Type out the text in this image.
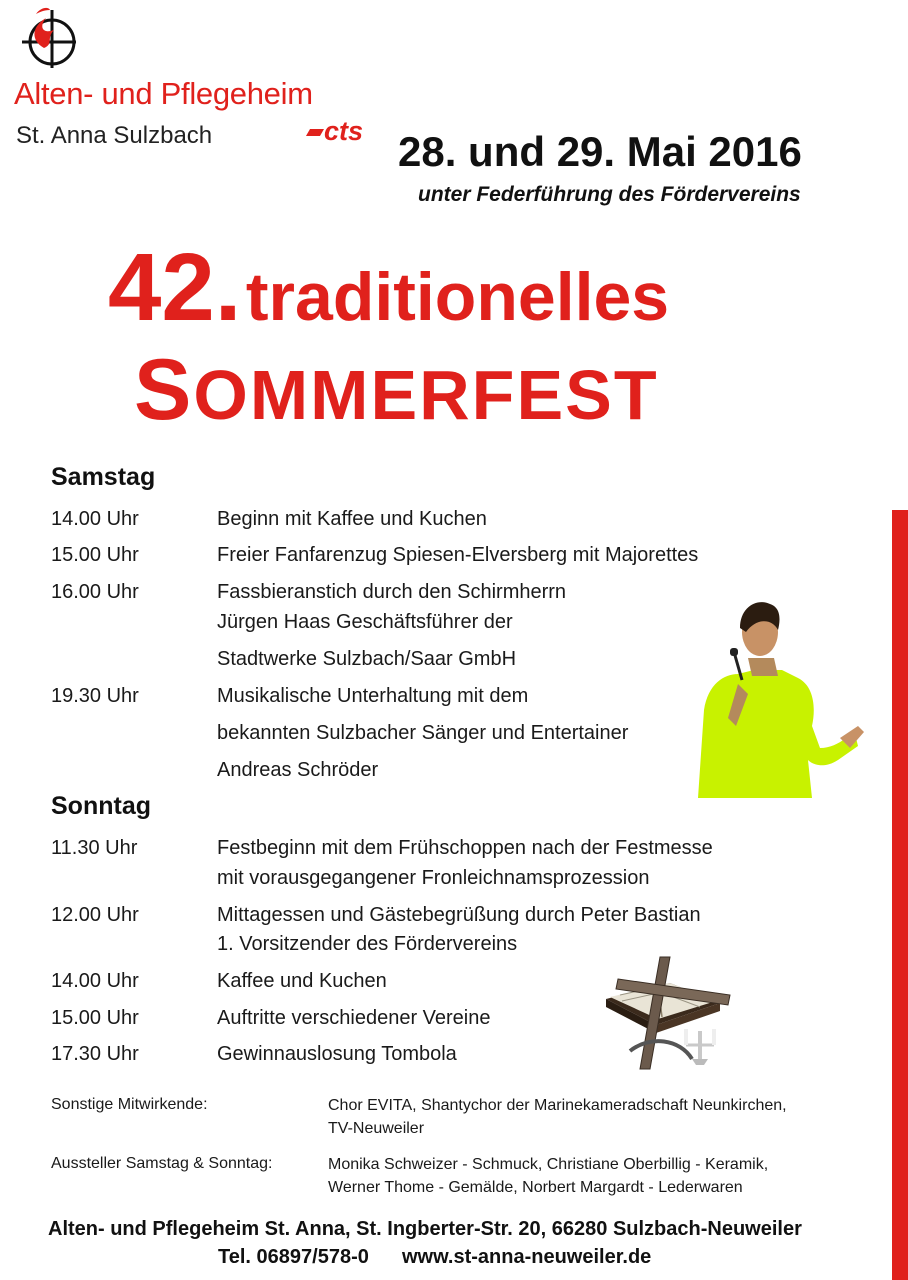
Alten- und Pflegeheim
St. Anna Sulzbach	cts 28. und 29. Mai 2016
unter Federführung des Fördervereins
42. traditionelles
SOMMERFEST
Samstag
14.00 Uhr	Beginn mit Kaffee und Kuchen
15.00 Uhr	Freier Fanfarenzug Spiesen-Elversberg mit Majorettes
16.00 Uhr	Fassbieranstich durch den Schirmherrn
Jürgen Haas Geschäftsführer der
Stadtwerke Sulzbach/Saar GmbH
19.30 Uhr	Musikalische Unterhaltung mit dem
bekannten Sulzbacher Sänger und Entertainer
Andreas Schröder
Sonntag
11.30 Uhr	Festbeginn mit dem Frühschoppen nach der Festmesse
mit vorausgegangener Fronleichnamsprozession
12.00 Uhr	Mittagessen und Gästebegrüßung durch Peter Bastian
1. Vorsitzender des Fördervereins
14.00 Uhr	Kaffee und Kuchen
15.00 Uhr	Auftritte verschiedener Vereine
17.30 Uhr	Gewinnauslosung Tombola
Sonstige Mitwirkende:	Chor EVITA, Shantychor der Marinekameradschaft Neunkirchen,
TV-Neuweiler
Aussteller Samstag & Sonntag:	Monika Schweizer - Schmuck, Christiane Oberbillig - Keramik,
Werner Thome - Gemälde, Norbert Margardt - Lederwaren
Alten- und Pflegeheim St. Anna, St. Ingberter-Str. 20, 66280 Sulzbach-Neuweiler
Tel. 06897/578-0 www.st-anna-neuweiler.de
